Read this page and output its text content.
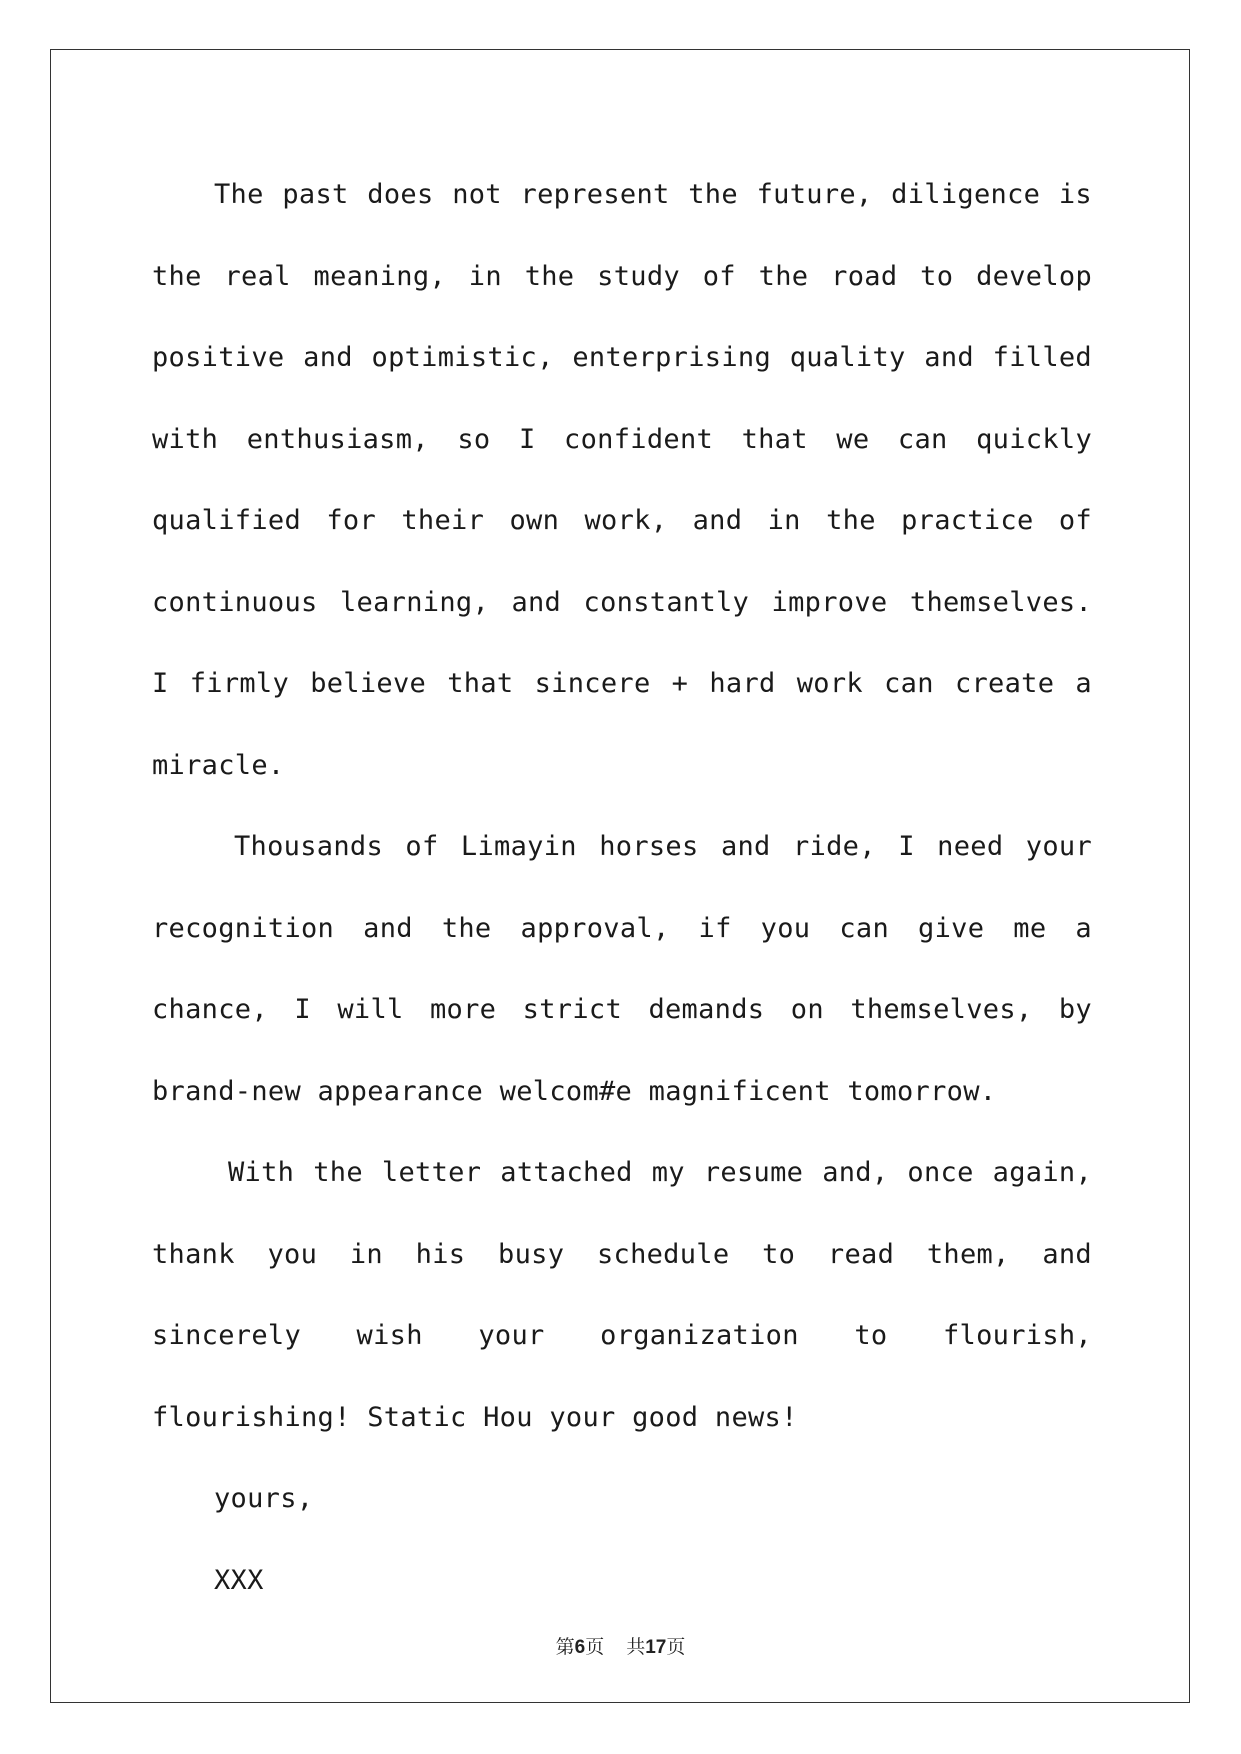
The past does not represent the future, diligence is the real meaning, in the study of the road to develop positive and optimistic, enterprising quality and filled with enthusiasm, so I confident that we can quickly qualified for their own work, and in the practice of continuous learning, and constantly improve themselves. I firmly believe that sincere + hard work can create a miracle.

Thousands of Limayin horses and ride, I need your recognition and the approval, if you can give me a chance, I will more strict demands on themselves, by brand-new appearance welcom#e magnificent tomorrow.

With the letter attached my resume and, once again, thank you in his busy schedule to read them, and sincerely wish your organization to flourish, flourishing! Static Hou your good news!

yours,

XXX

第6页 共17页
